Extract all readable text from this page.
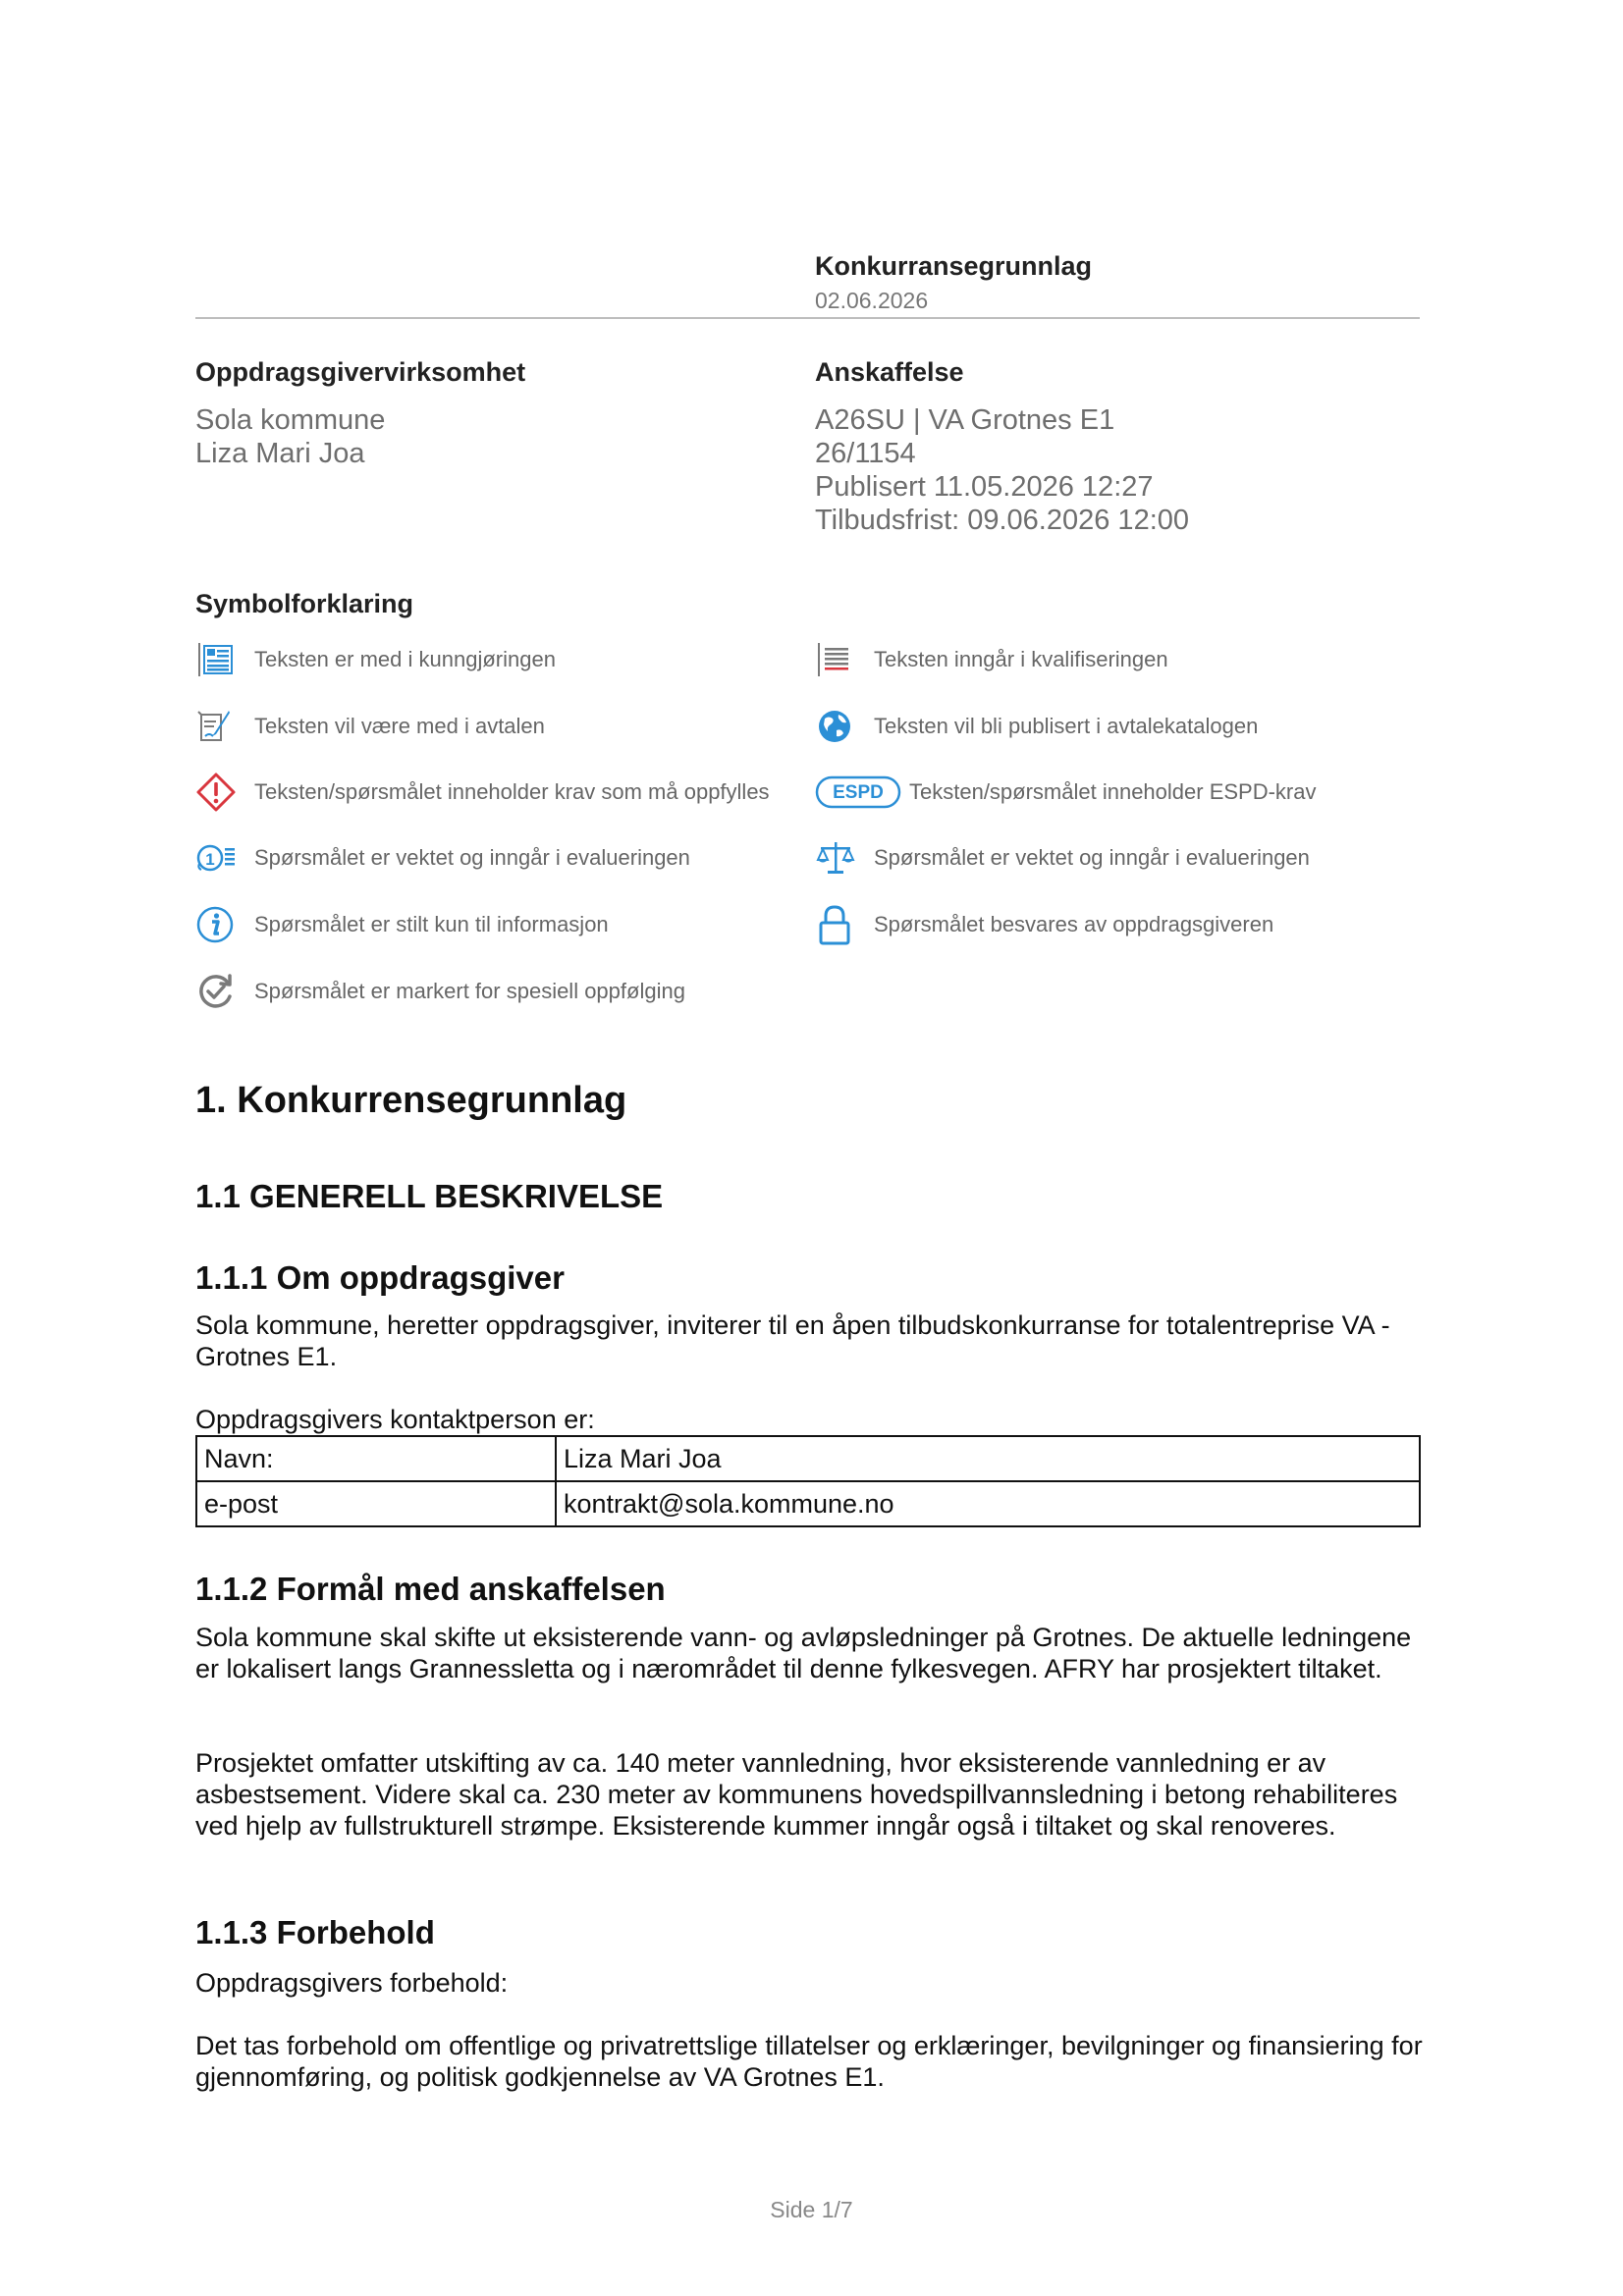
Konkurransegrunnlag
02.06.2026
Oppdragsgivervirksomhet
Sola kommune
Liza Mari Joa
Anskaffelse
A26SU | VA Grotnes E1
26/1154
Publisert 11.05.2026 12:27
Tilbudsfrist: 09.06.2026 12:00
Symbolforklaring
Teksten er med i kunngjøringen	Teksten inngår i kvalifiseringen
Teksten vil være med i avtalen	Teksten vil bli publisert i avtalekatalogen
Teksten/spørsmålet inneholder krav som må oppfylles	ESPD Teksten/spørsmålet inneholder ESPD-krav
1 Spørsmålet er vektet og inngår i evalueringen	Spørsmålet er vektet og inngår i evalueringen
Spørsmålet er stilt kun til informasjon	Spørsmålet besvares av oppdragsgiveren
Spørsmålet er markert for spesiell oppfølging
1. Konkurrensegrunnlag
1.1 GENERELL BESKRIVELSE
1.1.1 Om oppdragsgiver
Sola kommune, heretter oppdragsgiver, inviterer til en åpen tilbudskonkurranse for totalentreprise VA - Grotnes E1.
Oppdragsgivers kontaktperson er:
Navn:	Liza Mari Joa
e-post	kontrakt@sola.kommune.no
1.1.2 Formål med anskaffelsen
Sola kommune skal skifte ut eksisterende vann- og avløpsledninger på Grotnes. De aktuelle ledningene er lokalisert langs Grannessletta og i nærområdet til denne fylkesvegen. AFRY har prosjektert tiltaket.
Prosjektet omfatter utskifting av ca. 140 meter vannledning, hvor eksisterende vannledning er av asbestsement. Videre skal ca. 230 meter av kommunens hovedspillvannsledning i betong rehabiliteres ved hjelp av fullstrukturell strømpe. Eksisterende kummer inngår også i tiltaket og skal renoveres.
1.1.3 Forbehold
Oppdragsgivers forbehold:
Det tas forbehold om offentlige og privatrettslige tillatelser og erklæringer, bevilgninger og finansiering for gjennomføring, og politisk godkjennelse av VA Grotnes E1.
Side 1/7
